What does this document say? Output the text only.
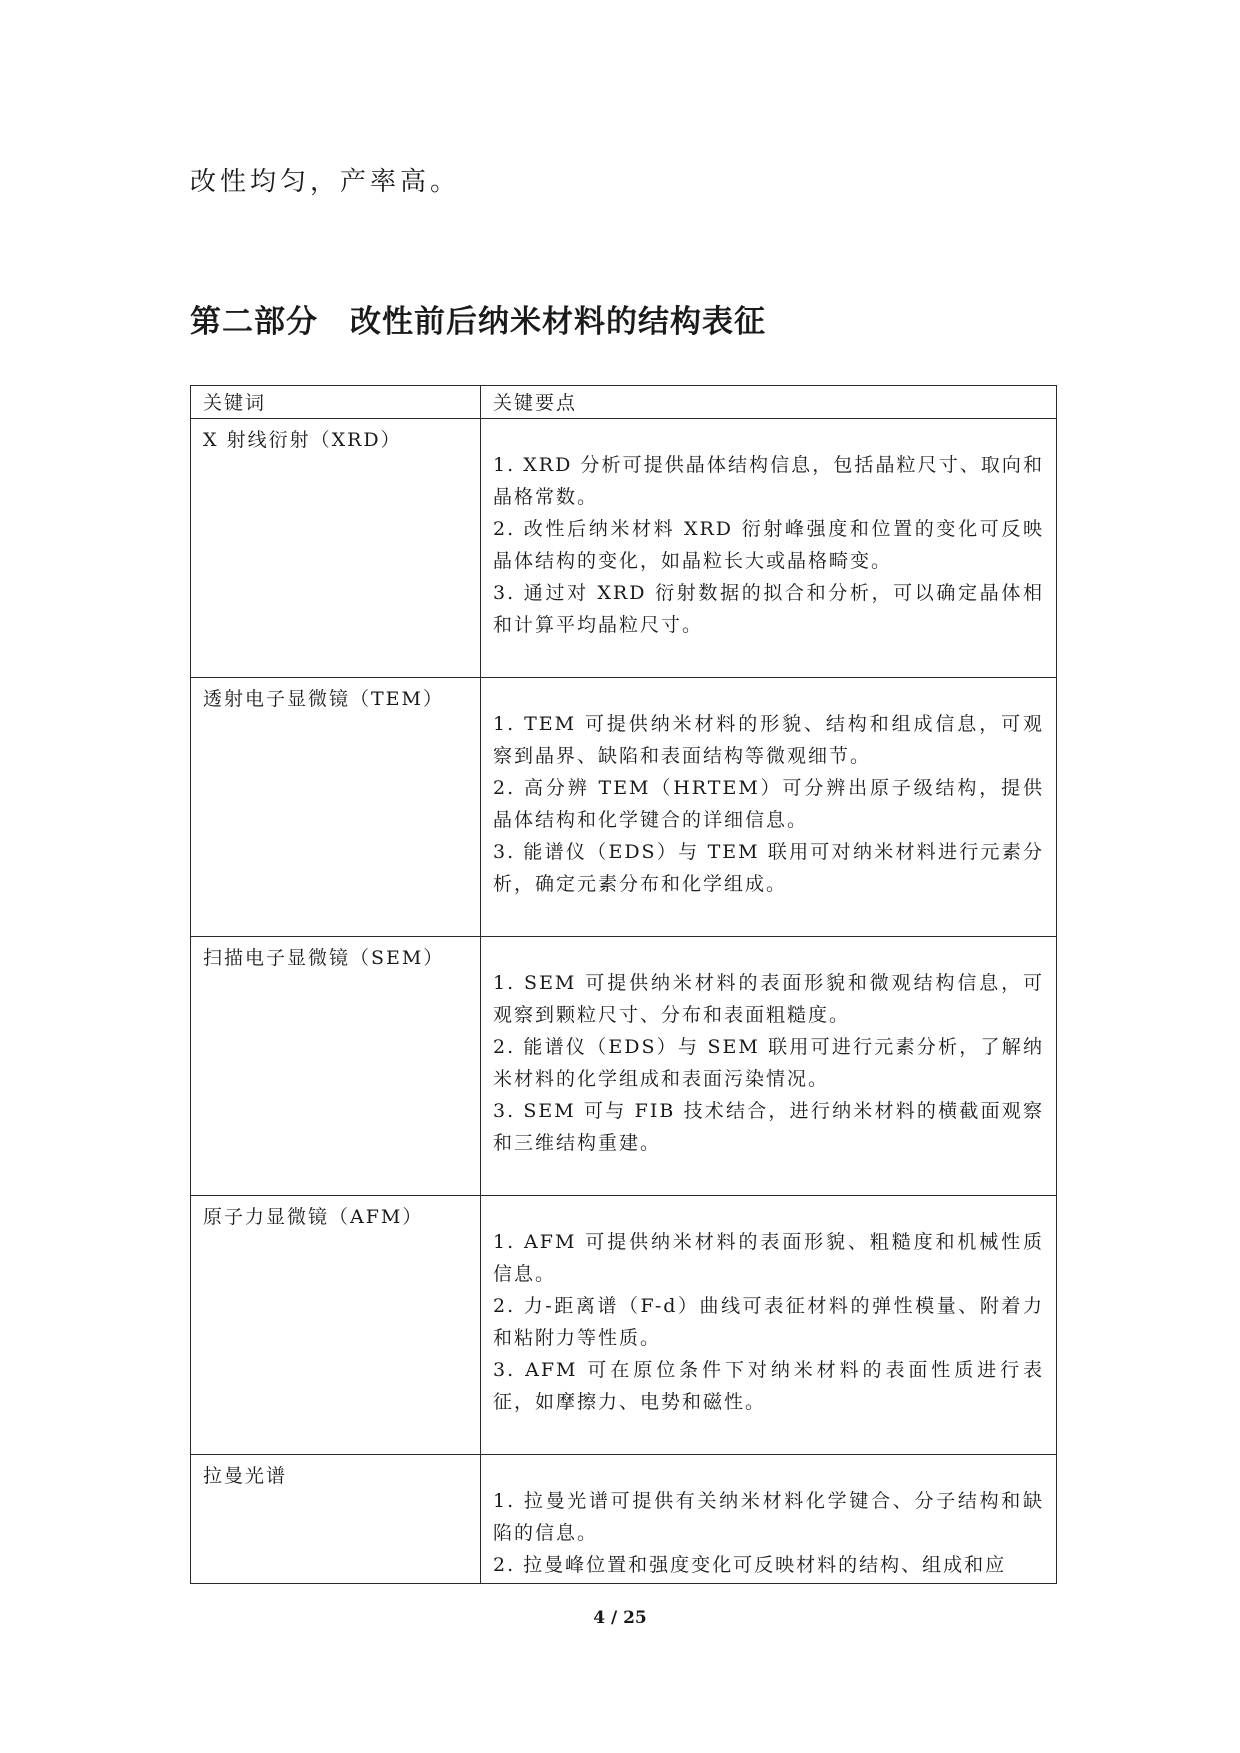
改性均匀，产率高。

第二部分　改性前后纳米材料的结构表征
关键词	关键要点

X 射线衍射（XRD）	1. XRD 分析可提供晶体结构信息，包括晶粒尺寸、取向和晶格常数。

2. 改性后纳米材料 XRD 衍射峰强度和位置的变化可反映晶体结构的变化，如晶粒长大或晶格畸变。

3. 通过对 XRD 衍射数据的拟合和分析，可以确定晶体相和计算平均晶粒尺寸。

透射电子显微镜（TEM）	1. TEM 可提供纳米材料的形貌、结构和组成信息，可观察到晶界、缺陷和表面结构等微观细节。

2. 高分辨 TEM（HRTEM）可分辨出原子级结构，提供晶体结构和化学键合的详细信息。

3. 能谱仪（EDS）与 TEM 联用可对纳米材料进行元素分析，确定元素分布和化学组成。

扫描电子显微镜（SEM）	1. SEM 可提供纳米材料的表面形貌和微观结构信息，可观察到颗粒尺寸、分布和表面粗糙度。

2. 能谱仪（EDS）与 SEM 联用可进行元素分析，了解纳米材料的化学组成和表面污染情况。

3. SEM 可与 FIB 技术结合，进行纳米材料的横截面观察和三维结构重建。

原子力显微镜（AFM）	1. AFM 可提供纳米材料的表面形貌、粗糙度和机械性质信息。

2. 力-距离谱（F-d）曲线可表征材料的弹性模量、附着力和粘附力等性质。

3. AFM 可在原位条件下对纳米材料的表面性质进行表征，如摩擦力、电势和磁性。

拉曼光谱	1. 拉曼光谱可提供有关纳米材料化学键合、分子结构和缺陷的信息。

2. 拉曼峰位置和强度变化可反映材料的结构、组成和应

4 / 25
